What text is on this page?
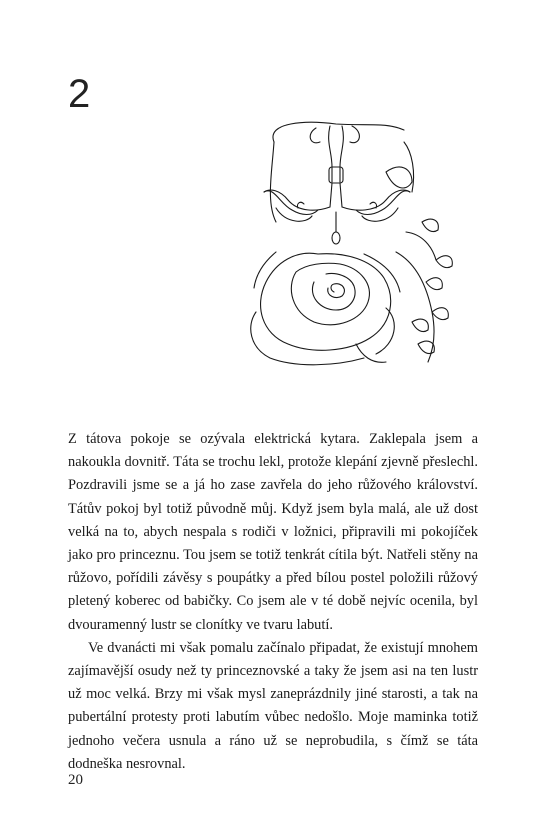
2

Z tátova pokoje se ozývala elektrická kytara. Zaklepala jsem a nakoukla dovnitř. Táta se trochu lekl, protože klepání zjevně přeslechl. Pozdravili jsme se a já ho zase zavřela do jeho růžového království. Tátův pokoj byl totiž původně můj. Když jsem byla malá, ale už dost velká na to, abych nespala s rodiči v ložnici, připravili mi pokojíček jako pro princeznu. Tou jsem se totiž tenkrát cítila být. Natřeli stěny na růžovo, pořídili závěsy s poupátky a před bílou postel položili růžový pletený koberec od babičky. Co jsem ale v té době nejvíc ocenila, byl dvouramenný lustr se clonítky ve tvaru labutí.

Ve dvanácti mi však pomalu začínalo připadat, že existují mnohem zajímavější osudy než ty princeznovské a taky že jsem asi na ten lustr už moc velká. Brzy mi však mysl zaneprázdnily jiné starosti, a tak na pubertální protesty proti labutím vůbec nedošlo. Moje maminka totiž jednoho večera usnula a ráno už se neprobudila, s čímž se táta dodneška nesrovnal.

20
